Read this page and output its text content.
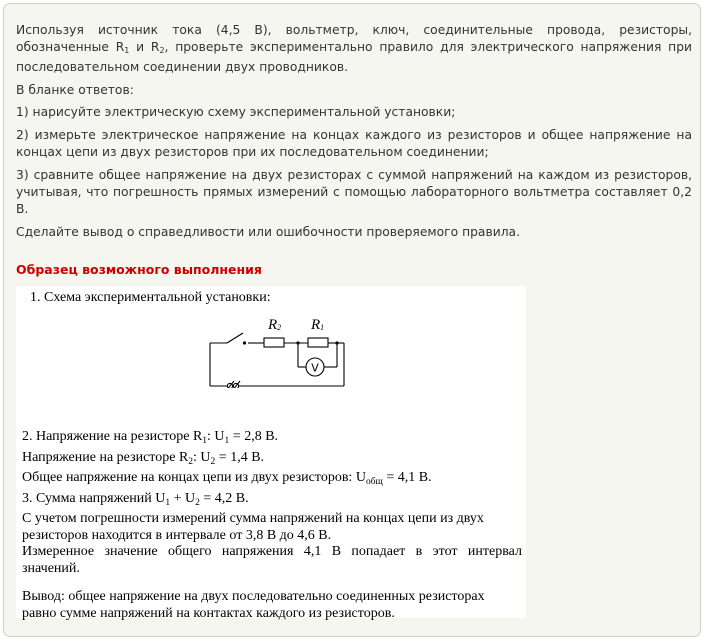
Используя источник тока (4,5 В), вольтметр, ключ, соединительные провода, резисторы, обозначенные $R_1$ и $R_2$, проверьте экспериментально правило для электрического напряжения при последовательном соединении двух проводников.

В бланке ответов:

1) нарисуйте электрическую схему экспериментальной установки;

2) измерьте электрическое напряжение на концах каждого из резисторов и общее напряжение на концах цепи из двух резисторов при их последовательном соединении;

3) сравните общее напряжение на двух резисторах с суммой напряжений на каждом из резисторов, учитывая, что погрешность прямых измерений с помощью лабораторного вольтметра составляет 0,2 В.

Сделайте вывод о справедливости или ошибочности проверяемого правила.

Образец возможного выполнения
1. Схема экспериментальной установки:
R2 R1
V
2. Напряжение на резисторе $R_1$: $U_1 = 2,8$ В.
Напряжение на резисторе $R_2$: $U_2 = 1,4$ В.
Общее напряжение на концах цепи из двух резисторов: $U_{общ} = 4,1$ В.
3. Сумма напряжений $U_1 + U_2 = 4,2$ В.
С учетом погрешности измерений сумма напряжений на концах цепи из двух
резисторов находится в интервале от 3,8 В до 4,6 В.
Измеренное значение общего напряжения 4,1 В попадает в этот интервал
значений.
Вывод: общее напряжение на двух последовательно соединенных резисторах
равно сумме напряжений на контактах каждого из резисторов.
